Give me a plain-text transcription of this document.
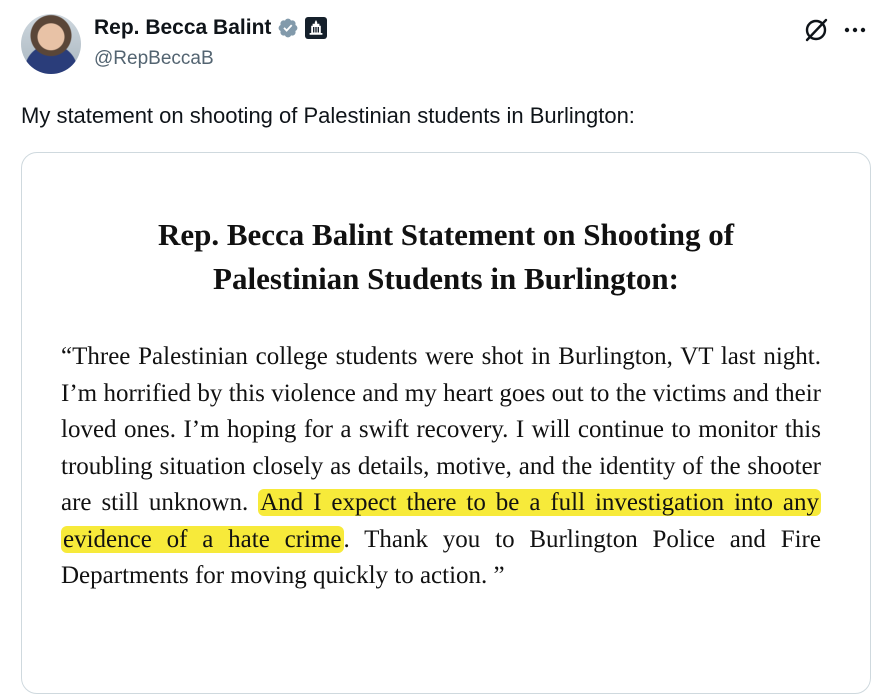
Rep. Becca Balint
@RepBeccaB
My statement on shooting of Palestinian students in Burlington:
Rep. Becca Balint Statement on Shooting of
Palestinian Students in Burlington:
“Three Palestinian college students were shot in Burlington, VT last night. I’m horrified by this violence and my heart goes out to the victims and their loved ones. I’m hoping for a swift recovery. I will continue to monitor this troubling situation closely as details, motive, and the identity of the shooter are still unknown. And I expect there to be a full investigation into any evidence of a hate crime. Thank you to Burlington Police and Fire Departments for moving quickly to action. ”
